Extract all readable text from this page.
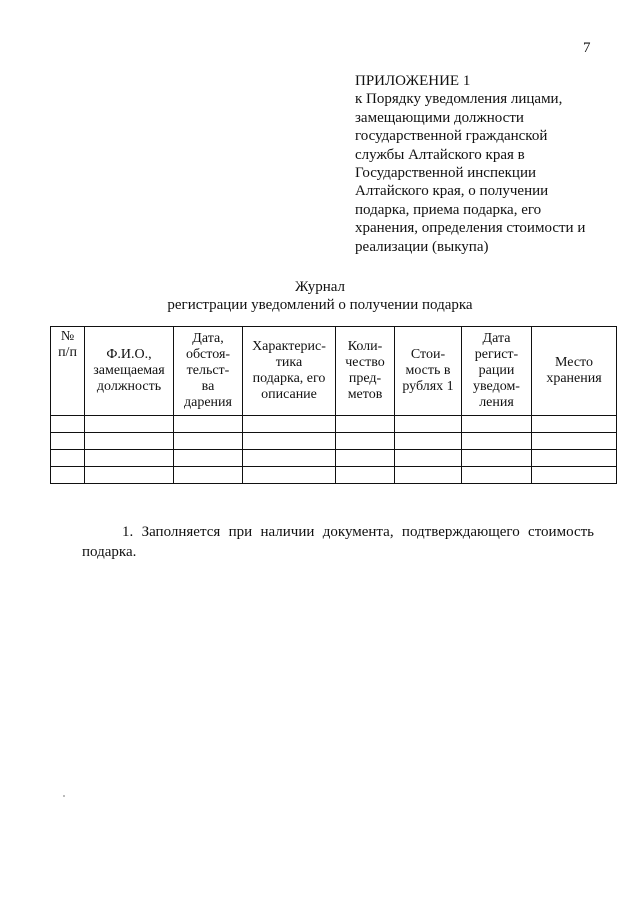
7
ПРИЛОЖЕНИЕ 1
к Порядку уведомления лицами,
замещающими должности
государственной гражданской
службы Алтайского края в
Государственной инспекции
Алтайского края, о получении
подарка, приема подарка, его
хранения, определения стоимости и
реализации (выкупа)
Журнал
регистрации уведомлений о получении подарка
№
п/п	Ф.И.О.,
замещаемая
должность	Дата,
обстоя-
тельст-
ва
дарения	Характерис-
тика
подарка, его
описание	Коли-
чество
пред-
метов	Стои-
мость в
рублях 1	Дата
регист-
рации
уведом-
ления	Место
хранения

1. Заполняется при наличии документа, подтверждающего стоимость
подарка.
